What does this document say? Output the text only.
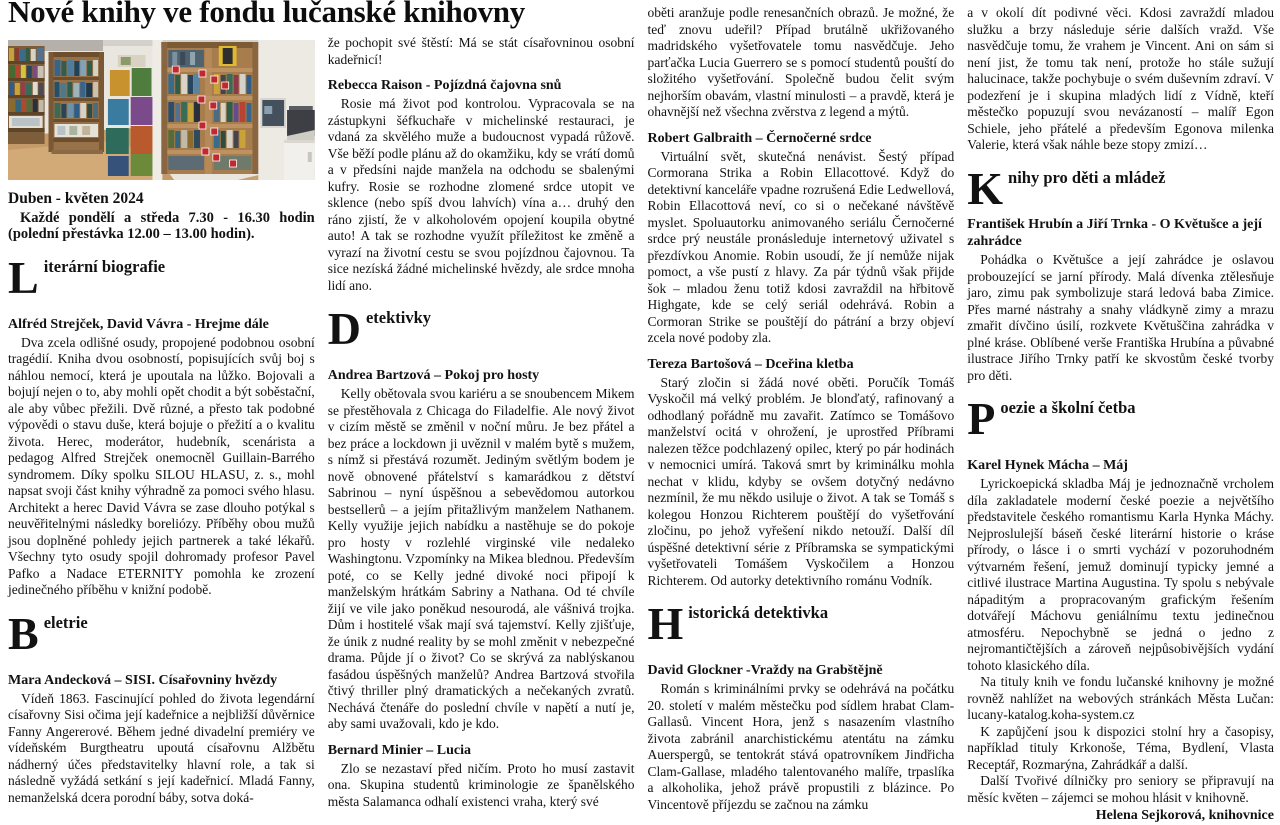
Nové knihy ve fondu lučanské knihovny
Duben - květen 2024

Každé pondělí a středa 7.30 - 16.30 hodin (polední přestávka 12.00 – 13.00 hodin).

L iterární biografie
Alfréd Strejček, David Vávra - Hrejme dále

Dva zcela odlišné osudy, propojené podobnou osobní tragédií. Kniha dvou osobností, popisujících svůj boj s náhlou nemocí, která je upoutala na lůžko. Bojovali a bojují nejen o to, aby mohli opět chodit a být soběstační, ale aby vůbec přežili. Dvě různé, a přesto tak podobné výpovědi o stavu duše, která bojuje o přežití a o kvalitu života. Herec, moderátor, hudebník, scenárista a pedagog Alfred Strejček onemocněl Guillain-Barrého syndromem. Díky spolku SILOU HLASU, z. s., mohl napsat svoji část knihy výhradně za pomoci svého hlasu. Architekt a herec David Vávra se zase dlouho potýkal s neuvěřitelnými následky boreliózy. Příběhy obou mužů jsou doplněné pohledy jejich partnerek a také lékařů. Všechny tyto osudy spojil dohromady profesor Pavel Pafko a Nadace ETERNITY pomohla ke zrození jedinečného příběhu v knižní podobě.

B eletrie
Mara Andecková – SISI. Císařovniny hvězdy

Vídeň 1863. Fascinující pohled do života legendární císařovny Sisi očima její kadeřnice a nejbližší důvěrnice Fanny Angererové. Během jedné divadelní premiéry ve vídeňském Burgtheatru upoutá císařovnu Alžbětu nádherný účes představitelky hlavní role, a tak si následně vyžádá setkání s její kadeřnicí. Mladá Fanny, nemanželská dcera porodní báby, sotva doká-

že pochopit své štěstí: Má se stát císařovninou osobní kadeřnicí!

Rebecca Raison - Pojízdná čajovna snů

Rosie má život pod kontrolou. Vypracovala se na zástupkyni šéfkuchaře v michelinské restauraci, je vdaná za skvělého muže a budoucnost vypadá růžově. Vše běží podle plánu až do okamžiku, kdy se vrátí domů a v předsíni najde manžela na odchodu se sbalenými kufry. Rosie se rozhodne zlomené srdce utopit ve sklence (nebo spíš dvou lahvích) vína a… druhý den ráno zjistí, že v alkoholovém opojení koupila obytné auto! A tak se rozhodne využít příležitost ke změně a vyrazí na životní cestu se svou pojízdnou čajovnou. Ta sice nezíská žádné michelinské hvězdy, ale srdce mnoha lidí ano.

D etektivky
Andrea Bartzová – Pokoj pro hosty

Kelly obětovala svou kariéru a se snoubencem Mikem se přestěhovala z Chicaga do Filadelfie. Ale nový život v cizím městě se změnil v noční můru. Je bez přátel a bez práce a lockdown ji uvěznil v malém bytě s mužem, s nímž si přestává rozumět. Jediným světlým bodem je nově obnovené přátelství s kamarádkou z dětství Sabrinou – nyní úspěšnou a sebevědomou autorkou bestsellerů – a jejím přitažlivým manželem Nathanem. Kelly využije jejich nabídku a nastěhuje se do pokoje pro hosty v rozlehlé virginské vile nedaleko Washingtonu. Vzpomínky na Mikea blednou. Především poté, co se Kelly jedné divoké noci připojí k manželským hrátkám Sabriny a Nathana. Od té chvíle žijí ve vile jako poněkud nesourodá, ale vášnivá trojka. Dům i hostitelé však mají svá tajemství. Kelly zjišťuje, že únik z nudné reality by se mohl změnit v nebezpečné drama. Půjde jí o život? Co se skrývá za nablýskanou fasádou úspěšných manželů? Andrea Bartzová stvořila čtivý thriller plný dramatických a nečekaných zvratů. Nechává čtenáře do poslední chvíle v napětí a nutí je, aby sami uvažovali, kdo je kdo.

Bernard Minier – Lucia

Zlo se nezastaví před ničím. Proto ho musí zastavit ona. Skupina studentů kriminologie ze španělského města Salamanca odhalí existenci vraha, který své

oběti aranžuje podle renesančních obrazů. Je možné, že teď znovu udeřil? Případ brutálně ukřižovaného madridského vyšetřovatele tomu nasvědčuje. Jeho parťačka Lucia Guerrero se s pomocí studentů pouští do složitého vyšetřování. Společně budou čelit svým nejhorším obavám, vlastní minulosti – a pravdě, která je ohavnější než všechna zvěrstva z legend a mýtů.

Robert Galbraith – Černočerné srdce

Virtuální svět, skutečná nenávist. Šestý případ Cormorana Strika a Robin Ellacottové. Když do detektivní kanceláře vpadne rozrušená Edie Ledwellová, Robin Ellacottová neví, co si o nečekané návštěvě myslet. Spoluautorku animovaného seriálu Černočerné srdce prý neustále pronásleduje internetový uživatel s přezdívkou Anomie. Robin usoudí, že jí nemůže nijak pomoct, a vše pustí z hlavy. Za pár týdnů však přijde šok – mladou ženu totiž kdosi zavraždil na hřbitově Highgate, kde se celý seriál odehrává. Robin a Cormoran Strike se pouštějí do pátrání a brzy objeví zcela nové podoby zla.

Tereza Bartošová – Dceřina kletba

Starý zločin si žádá nové oběti. Poručík Tomáš Vyskočil má velký problém. Je blonďatý, rafinovaný a odhodlaný pořádně mu zavařit. Zatímco se Tomášovo manželství ocitá v ohrožení, je uprostřed Příbrami nalezen těžce podchlazený opilec, který po pár hodinách v nemocnici umírá. Taková smrt by kriminálku mohla nechat v klidu, kdyby se ovšem dotyčný nedávno nezmínil, že mu někdo usiluje o život. A tak se Tomáš s kolegou Honzou Richterem pouštějí do vyšetřování zločinu, po jehož vyřešení nikdo netouží. Další díl úspěšné detektivní série z Příbramska se sympatickými vyšetřovateli Tomášem Vyskočilem a Honzou Richterem. Od autorky detektivního románu Vodník.

H istorická detektivka
David Glockner -Vraždy na Grabštějně

Román s kriminálními prvky se odehrává na počátku 20. století v malém městečku pod sídlem hrabat Clam-Gallasů. Vincent Hora, jenž s nasazením vlastního života zabránil anarchistickému atentátu na zámku Auerspergů, se tentokrát stává opatrovníkem Jindřicha Clam-Gallase, mladého talentovaného malíře, trpaslíka a alkoholika, jehož právě propustili z blázince. Po Vincentově příjezdu se začnou na zámku

a v okolí dít podivné věci. Kdosi zavraždí mladou služku a brzy následuje série dalších vražd. Vše nasvědčuje tomu, že vrahem je Vincent. Ani on sám si není jist, že tomu tak není, protože ho stále sužují halucinace, takže pochybuje o svém duševním zdraví. V podezření je i skupina mladých lidí z Vídně, kteří městečko popuzují svou nevázaností – malíř Egon Schiele, jeho přátelé a především Egonova milenka Valerie, která však náhle beze stopy zmizí…

K nihy pro děti a mládež
František Hrubín a Jiří Trnka - O Květušce a její zahrádce

Pohádka o Květušce a její zahrádce je oslavou probouzející se jarní přírody. Malá dívenka ztělesňuje jaro, zimu pak symbolizuje stará ledová baba Zimice. Přes marné nástrahy a snahy vládkyně zimy a mrazu zmařit dívčino úsilí, rozkvete Květuščina zahrádka v plné kráse. Oblíbené verše Františka Hrubína a půvabné ilustrace Jiřího Trnky patří ke skvostům české tvorby pro děti.

P oezie a školní četba
Karel Hynek Mácha – Máj

Lyrickoepická skladba Máj je jednoznačně vrcholem díla zakladatele moderní české poezie a největšího představitele českého romantismu Karla Hynka Máchy. Nejproslulejší báseň české literární historie o kráse přírody, o lásce i o smrti vychází v pozoruhodném výtvarném řešení, jemuž dominují typicky jemné a citlivé ilustrace Martina Augustina. Ty spolu s nebývale nápaditým a propracovaným grafickým řešením dotvářejí Máchovu geniálnímu textu jedinečnou atmosféru. Nepochybně se jedná o jedno z nejromantičtějších a zároveň nejpůsobivějších vydání tohoto klasického díla.

Na tituly knih ve fondu lučanské knihovny je možné rovněž nahlížet na webových stránkách Města Lučan: lucany-katalog.koha-system.cz

K zapůjčení jsou k dispozici stolní hry a časopisy, například tituly Krkonoše, Téma, Bydlení, Vlasta Receptář, Rozmarýna, Zahrádkář a další.

Další Tvořivé dílničky pro seniory se připravují na měsíc květen – zájemci se mohou hlásit v knihovně.

Helena Sejkorová, knihovnice
